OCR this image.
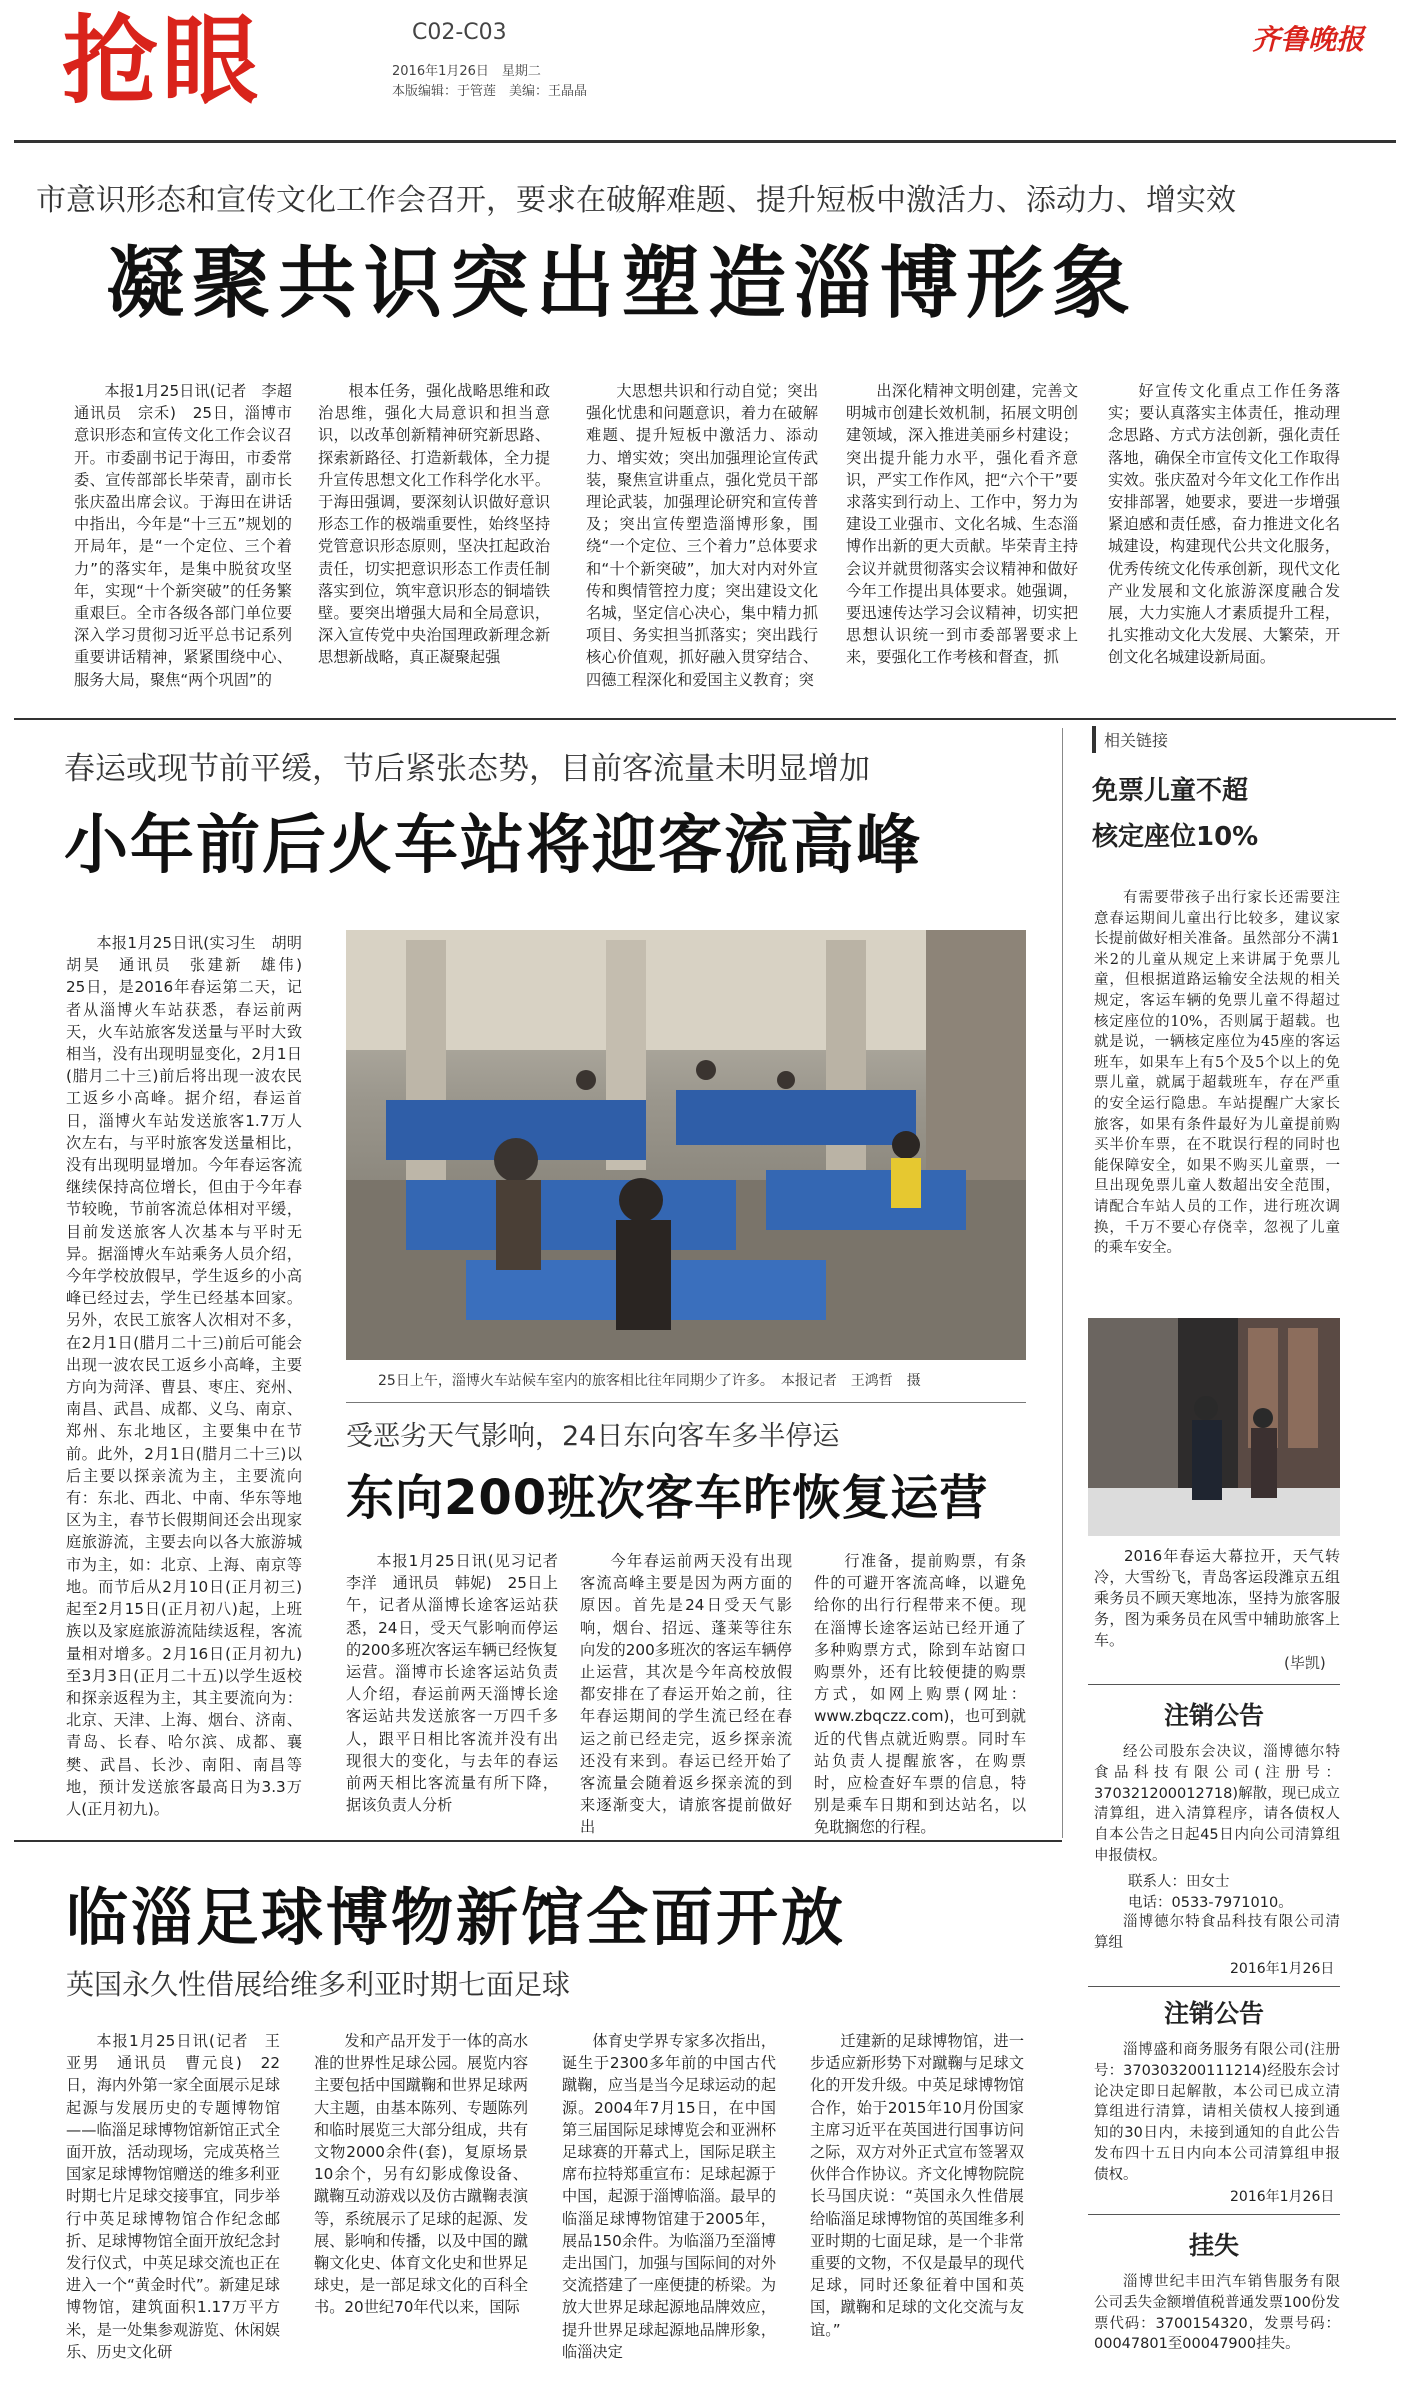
抢眼	C02-C03
2016年1月26日　星期二
本版编辑：于管莲　美编：王晶晶
齐鲁晚报
市意识形态和宣传文化工作会召开，要求在破解难题、提升短板中激活力、添动力、增实效
凝聚共识突出塑造淄博形象

本报1月25日讯(记者　李超　通讯员　宗禾)　25日，淄博市意识形态和宣传文化工作会议召开。市委副书记于海田，市委常委、宣传部部长毕荣青，副市长张庆盈出席会议。于海田在讲话中指出，今年是“十三五”规划的开局年，是“一个定位、三个着力”的落实年，是集中脱贫攻坚年，实现“十个新突破”的任务繁重艰巨。全市各级各部门单位要深入学习贯彻习近平总书记系列重要讲话精神，紧紧围绕中心、服务大局，聚焦“两个巩固”的

根本任务，强化战略思维和政治思维，强化大局意识和担当意识，以改革创新精神研究新思路、探索新路径、打造新载体，全力提升宣传思想文化工作科学化水平。于海田强调，要深刻认识做好意识形态工作的极端重要性，始终坚持党管意识形态原则，坚决扛起政治责任，切实把意识形态工作责任制落实到位，筑牢意识形态的铜墙铁壁。要突出增强大局和全局意识，深入宣传党中央治国理政新理念新思想新战略，真正凝聚起强

大思想共识和行动自觉；突出强化忧患和问题意识，着力在破解难题、提升短板中激活力、添动力、增实效；突出加强理论宣传武装，聚焦宣讲重点，强化党员干部理论武装，加强理论研究和宣传普及；突出宣传塑造淄博形象，围绕“一个定位、三个着力”总体要求和“十个新突破”，加大对内对外宣传和舆情管控力度；突出建设文化名城，坚定信心决心，集中精力抓项目、务实担当抓落实；突出践行核心价值观，抓好融入贯穿结合、四德工程深化和爱国主义教育；突

出深化精神文明创建，完善文明城市创建长效机制，拓展文明创建领域，深入推进美丽乡村建设；突出提升能力水平，强化看齐意识，严实工作作风，把“六个干”要求落实到行动上、工作中，努力为建设工业强市、文化名城、生态淄博作出新的更大贡献。毕荣青主持会议并就贯彻落实会议精神和做好今年工作提出具体要求。她强调，要迅速传达学习会议精神，切实把思想认识统一到市委部署要求上来，要强化工作考核和督查，抓

好宣传文化重点工作任务落实；要认真落实主体责任，推动理念思路、方式方法创新，强化责任落地，确保全市宣传文化工作取得实效。张庆盈对今年文化工作作出安排部署，她要求，要进一步增强紧迫感和责任感，奋力推进文化名城建设，构建现代公共文化服务，优秀传统文化传承创新，现代文化产业发展和文化旅游深度融合发展，大力实施人才素质提升工程，扎实推动文化大发展、大繁荣，开创文化名城建设新局面。

春运或现节前平缓，节后紧张态势，目前客流量未明显增加
小年前后火车站将迎客流高峰

本报1月25日讯(实习生　胡明　胡昊　通讯员　张建新　雄伟)　25日，是2016年春运第二天，记者从淄博火车站获悉，春运前两天，火车站旅客发送量与平时大致相当，没有出现明显变化，2月1日(腊月二十三)前后将出现一波农民工返乡小高峰。据介绍，春运首日，淄博火车站发送旅客1.7万人次左右，与平时旅客发送量相比，没有出现明显增加。今年春运客流继续保持高位增长，但由于今年春节较晚，节前客流总体相对平缓，目前发送旅客人次基本与平时无异。据淄博火车站乘务人员介绍，今年学校放假早，学生返乡的小高峰已经过去，学生已经基本回家。另外，农民工旅客人次相对不多，在2月1日(腊月二十三)前后可能会出现一波农民工返乡小高峰，主要方向为菏泽、曹县、枣庄、兖州、南昌、武昌、成都、义乌、南京、郑州、东北地区，主要集中在节前。此外，2月1日(腊月二十三)以后主要以探亲流为主，主要流向有：东北、西北、中南、华东等地区为主，春节长假期间还会出现家庭旅游流，主要去向以各大旅游城市为主，如：北京、上海、南京等地。而节后从2月10日(正月初三)起至2月15日(正月初八)起，上班族以及家庭旅游流陆续返程，客流量相对增多。2月16日(正月初九)至3月3日(正月二十五)以学生返校和探亲返程为主，其主要流向为：北京、天津、上海、烟台、济南、青岛、长春、哈尔滨、成都、襄樊、武昌、长沙、南阳、南昌等地，预计发送旅客最高日为3.3万人(正月初九)。

25日上午，淄博火车站候车室内的旅客相比往年同期少了许多。　本报记者　王鸿哲　摄
受恶劣天气影响，24日东向客车多半停运
东向200班次客车昨恢复运营

本报1月25日讯(见习记者　李洋　通讯员　韩妮)　25日上午，记者从淄博长途客运站获悉，24日，受天气影响而停运的200多班次客运车辆已经恢复运营。淄博市长途客运站负责人介绍，春运前两天淄博长途客运站共发送旅客一万四千多人，跟平日相比客流并没有出现很大的变化，与去年的春运前两天相比客流量有所下降，据该负责人分析

今年春运前两天没有出现客流高峰主要是因为两方面的原因。首先是24日受天气影响，烟台、招远、蓬莱等往东向发的200多班次的客运车辆停止运营，其次是今年高校放假都安排在了春运开始之前，往年春运期间的学生流已经在春运之前已经走完，返乡探亲流还没有来到。春运已经开始了客流量会随着返乡探亲流的到来逐渐变大，请旅客提前做好出

行准备，提前购票，有条件的可避开客流高峰，以避免给你的出行行程带来不便。现在淄博长途客运站已经开通了多种购票方式，除到车站窗口购票外，还有比较便捷的购票方式，如网上购票(网址：www.zbqczz.com)，也可到就近的代售点就近购票。同时车站负责人提醒旅客，在购票时，应检查好车票的信息，特别是乘车日期和到达站名，以免耽搁您的行程。

临淄足球博物新馆全面开放
英国永久性借展给维多利亚时期七面足球

本报1月25日讯(记者　王亚男　通讯员　曹元良)　22日，海内外第一家全面展示足球起源与发展历史的专题博物馆——临淄足球博物馆新馆正式全面开放，活动现场，完成英格兰国家足球博物馆赠送的维多利亚时期七片足球交接事宜，同步举行中英足球博物馆合作纪念邮折、足球博物馆全面开放纪念封发行仪式，中英足球交流也正在进入一个“黄金时代”。新建足球博物馆，建筑面积1.17万平方米，是一处集参观游览、休闲娱乐、历史文化研

发和产品开发于一体的高水准的世界性足球公园。展览内容主要包括中国蹴鞠和世界足球两大主题，由基本陈列、专题陈列和临时展览三大部分组成，共有文物2000余件(套)，复原场景10余个，另有幻影成像设备、蹴鞠互动游戏以及仿古蹴鞠表演等，系统展示了足球的起源、发展、影响和传播，以及中国的蹴鞠文化史、体育文化史和世界足球史，是一部足球文化的百科全书。20世纪70年代以来，国际

体育史学界专家多次指出，诞生于2300多年前的中国古代蹴鞠，应当是当今足球运动的起源。2004年7月15日，在中国第三届国际足球博览会和亚洲杯足球赛的开幕式上，国际足联主席布拉特郑重宣布：足球起源于中国，起源于淄博临淄。最早的临淄足球博物馆建于2005年，展品150余件。为临淄乃至淄博走出国门，加强与国际间的对外交流搭建了一座便捷的桥梁。为放大世界足球起源地品牌效应，提升世界足球起源地品牌形象，临淄决定

迁建新的足球博物馆，进一步适应新形势下对蹴鞠与足球文化的开发升级。中英足球博物馆合作，始于2015年10月份国家主席习近平在英国进行国事访问之际，双方对外正式宣布签署双伙伴合作协议。齐文化博物院院长马国庆说：“英国永久性借展给临淄足球博物馆的英国维多利亚时期的七面足球，是一个非常重要的文物，不仅是最早的现代足球，同时还象征着中国和英国，蹴鞠和足球的文化交流与友谊。”

相关链接
免票儿童不超
核定座位10%

有需要带孩子出行家长还需要注意春运期间儿童出行比较多，建议家长提前做好相关准备。虽然部分不满1米2的儿童从规定上来讲属于免票儿童，但根据道路运输安全法规的相关规定，客运车辆的免票儿童不得超过核定座位的10%，否则属于超载。也就是说，一辆核定座位为45座的客运班车，如果车上有5个及5个以上的免票儿童，就属于超载班车，存在严重的安全运行隐患。车站提醒广大家长旅客，如果有条件最好为儿童提前购买半价车票，在不耽误行程的同时也能保障安全，如果不购买儿童票，一旦出现免票儿童人数超出安全范围，请配合车站人员的工作，进行班次调换，千万不要心存侥幸，忽视了儿童的乘车安全。

2016年春运大幕拉开，天气转冷，大雪纷飞，青岛客运段潍京五组乘务员不顾天寒地冻，坚持为旅客服务，图为乘务员在风雪中辅助旅客上车。

(毕凯)
注销公告

经公司股东会决议，淄博德尔特食品科技有限公司(注册号：370321200012718)解散，现已成立清算组，进入清算程序，请各债权人自本公告之日起45日内向公司清算组申报债权。

联系人：田女士
电话：0533-7971010。

淄博德尔特食品科技有限公司清算组

2016年1月26日
注销公告

淄博盛和商务服务有限公司(注册号：370303200111214)经股东会讨论决定即日起解散，本公司已成立清算组进行清算，请相关债权人接到通知的30日内，未接到通知的自此公告发布四十五日内向本公司清算组申报债权。

2016年1月26日
挂失

淄博世纪丰田汽车销售服务有限公司丢失金额增值税普通发票100份发票代码：3700154320，发票号码：00047801至00047900挂失。
